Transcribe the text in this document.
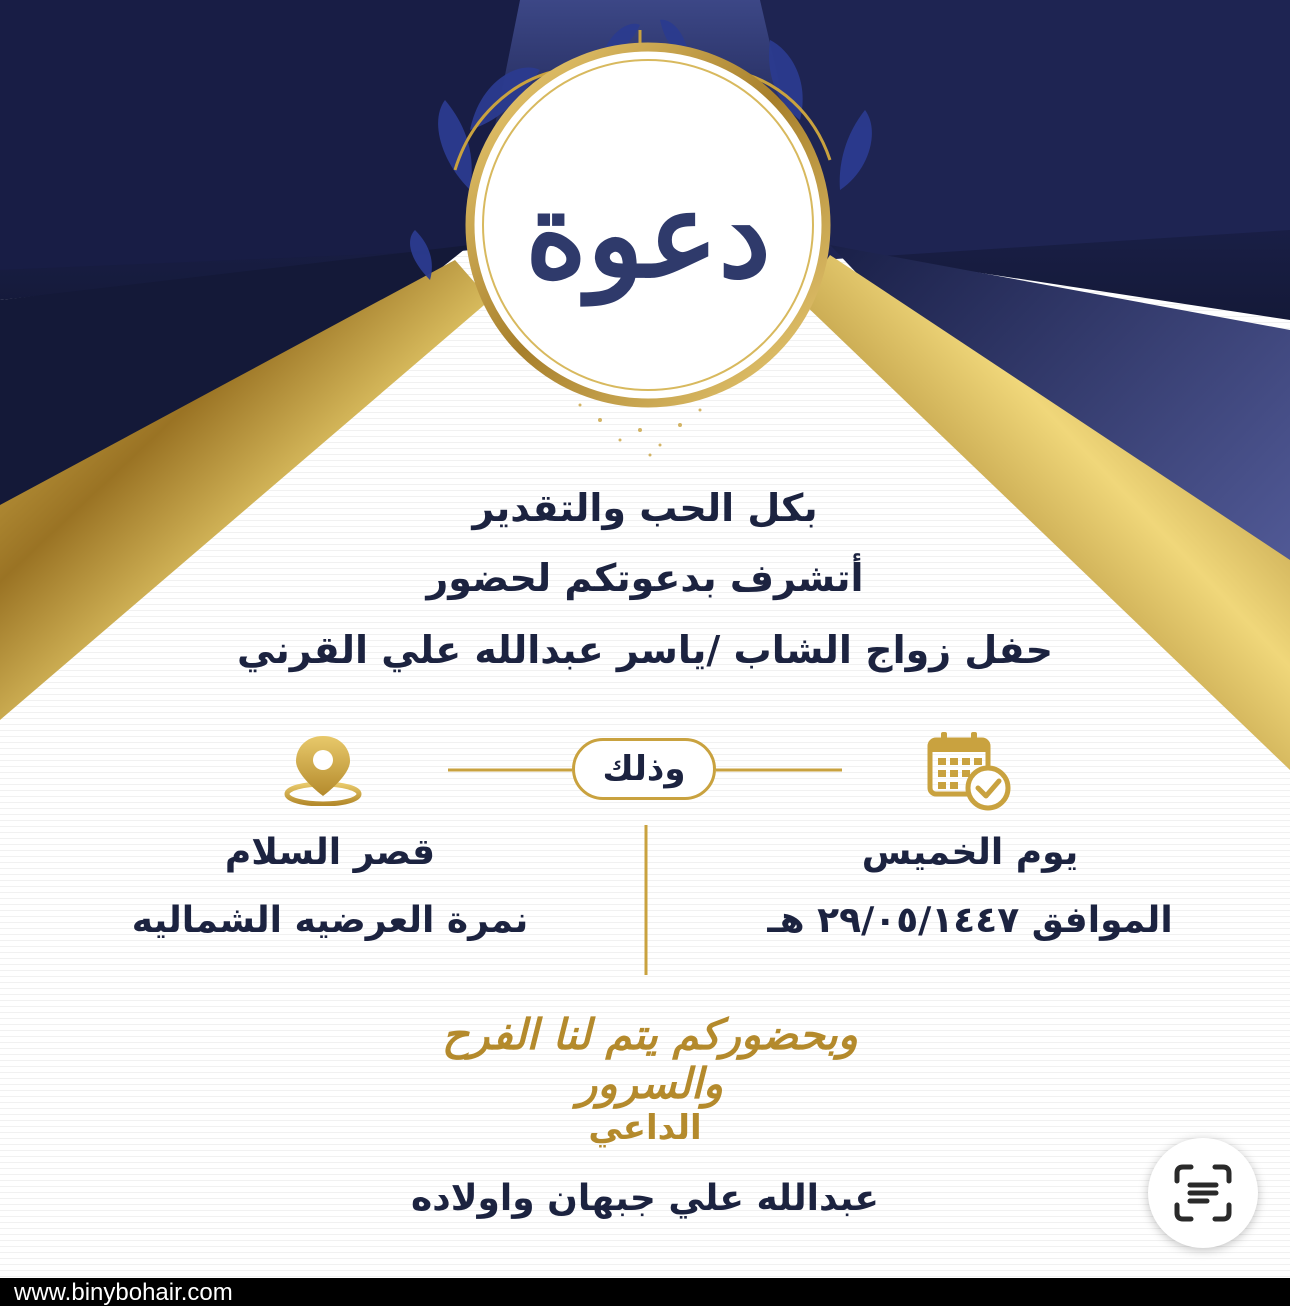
دعوة
بكل الحب والتقدير
أتشرف بدعوتكم لحضور
حفل زواج الشاب /ياسر عبدالله علي القرني
وذلك
يوم الخميس
الموافق ٢٩/٠٥/١٤٤٧ هـ
قصر السلام
نمرة العرضيه الشماليه
وبحضوركم يتم لنا الفرح والسرور
الداعي
عبدالله علي جبهان واولاده
www.binybohair.com
